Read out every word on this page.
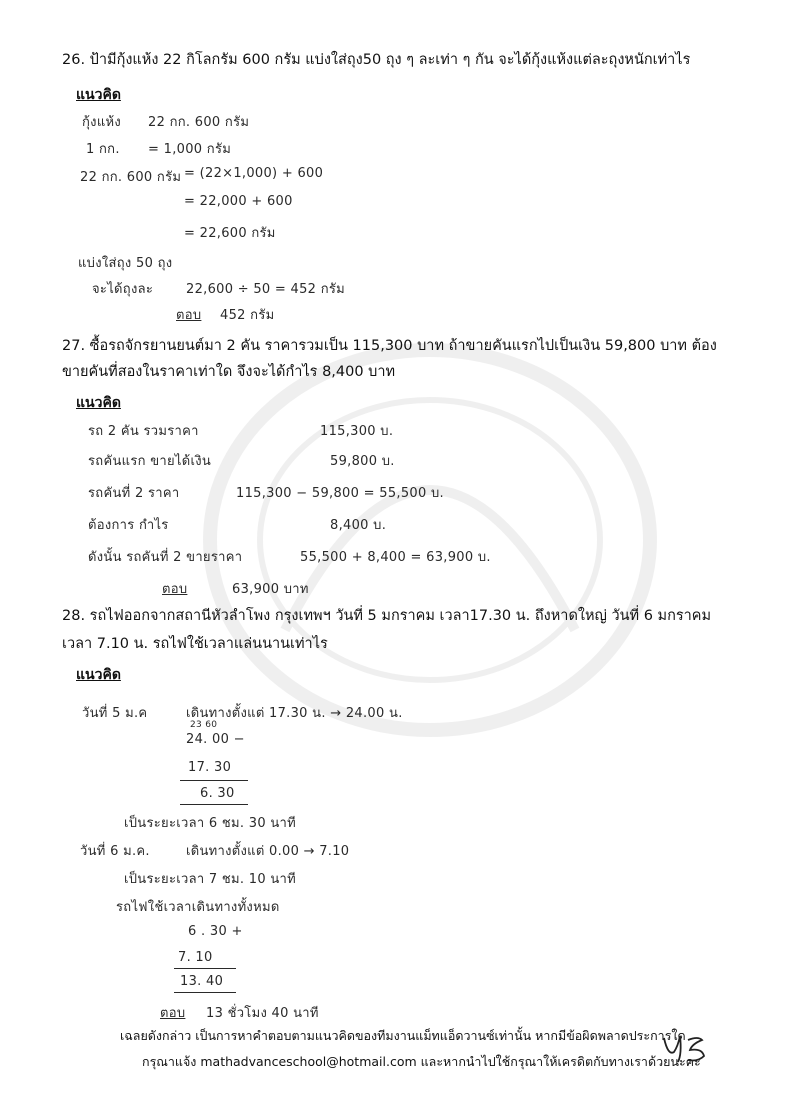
26. ป้ามีกุ้งแห้ง 22 กิโลกรัม 600 กรัม แบ่งใส่ถุง50 ถุง ๆ ละเท่า ๆ กัน จะได้กุ้งแห้งแต่ละถุงหนักเท่าไร
แนวคิด
กุ้งแห้ง 22 กก. 600 กรัม
1 กก. = 1,000 กรัม
22 กก. 600 กรัม = (22×1,000) + 600
= 22,000 + 600
= 22,600 กรัม
แบ่งใส่ถุง 50 ถุง
จะได้ถุงละ	22,600 ÷ 50 = 452 กรัม
ตอบ 452 กรัม
27. ซื้อรถจักรยานยนต์มา 2 คัน ราคารวมเป็น 115,300 บาท ถ้าขายคันแรกไปเป็นเงิน 59,800 บาท ต้อง
ขายคันที่สองในราคาเท่าใด จึงจะได้กำไร 8,400 บาท
แนวคิด
รถ 2 คัน รวมราคา	115,300 บ.
รถคันแรก ขายได้เงิน	59,800 บ.
รถคันที่ 2 ราคา	115,300 − 59,800 = 55,500 บ.
ต้องการ กำไร	8,400 บ.
ดังนั้น รถคันที่ 2 ขายราคา	55,500 + 8,400 = 63,900 บ.
ตอบ	63,900 บาท
28. รถไฟออกจากสถานีหัวลำโพง กรุงเทพฯ วันที่ 5 มกราคม เวลา17.30 น. ถึงหาดใหญ่ วันที่ 6 มกราคม
เวลา 7.10 น. รถไฟใช้เวลาแล่นนานเท่าไร
แนวคิด
วันที่ 5 ม.ค	เดินทางตั้งแต่ 17.30 น. → 24.00 น.
23 60
24. 00 −
17. 30
6. 30
เป็นระยะเวลา 6 ชม. 30 นาที
วันที่ 6 ม.ค.	เดินทางตั้งแต่ 0.00 → 7.10
เป็นระยะเวลา 7 ชม. 10 นาที
รถไฟใช้เวลาเดินทางทั้งหมด
6 . 30 +
7. 10
13. 40
ตอบ 13 ชั่วโมง 40 นาที
เฉลยดังกล่าว เป็นการหาคำตอบตามแนวคิดของทีมงานแม็ทแอ็ดวานซ์เท่านั้น หากมีข้อผิดพลาดประการใด
กรุณาแจ้ง mathadvanceschool@hotmail.com และหากนำไปใช้กรุณาให้เครดิตกับทางเราด้วยนะคะ
